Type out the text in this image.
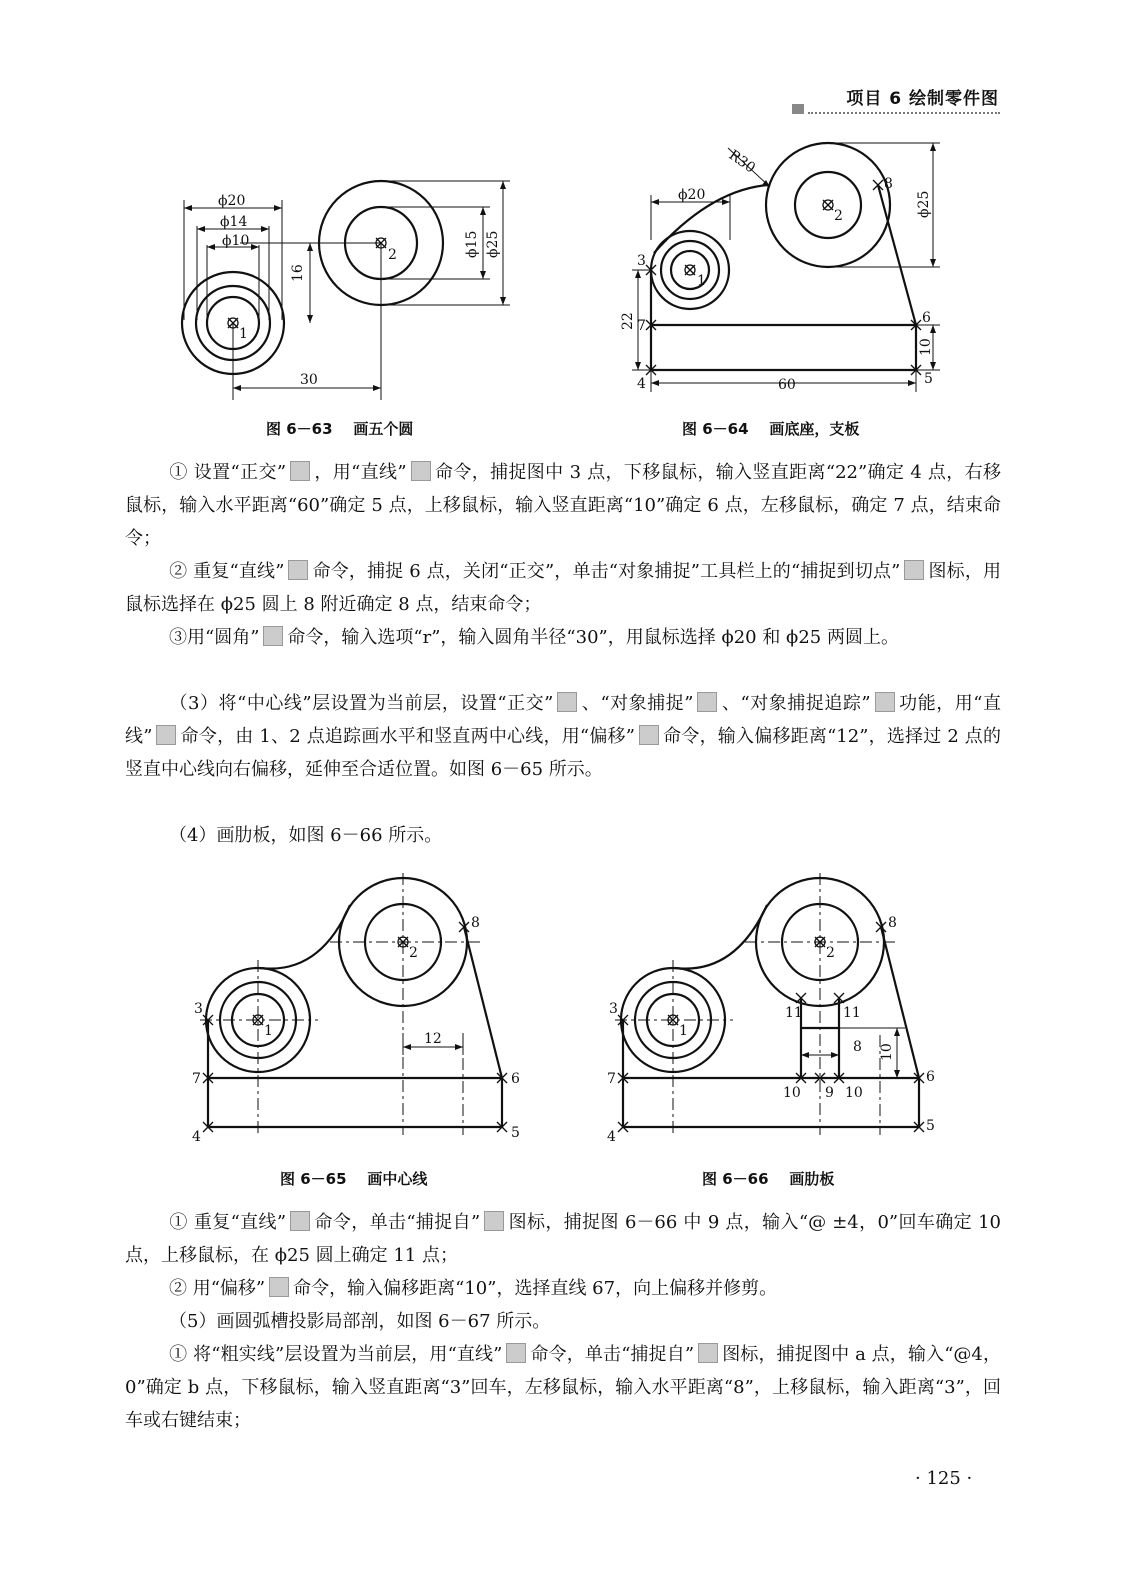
项目 6 绘制零件图
ϕ20
ϕ14
ϕ10
1
2
16
ϕ15 ϕ25
30
图 6－63    画五个圆
R30
ϕ20	ϕ25
22
10
60
1
2
3
4	5
6
7
8
图 6－64    画底座，支板
① 设置“正交” ，用“直线” 命令，捕捉图中 3 点，下移鼠标，输入竖直距离“22”确定 4 点，右移鼠标，输入水平距离“60”确定 5 点，上移鼠标，输入竖直距离“10”确定 6 点，左移鼠标，确定 7 点，结束命令；
② 重复“直线” 命令，捕捉 6 点，关闭“正交”，单击“对象捕捉”工具栏上的“捕捉到切点” 图标，用鼠标选择在 ϕ25 圆上 8 附近确定 8 点，结束命令；
③用“圆角” 命令，输入选项“r”，输入圆角半径“30”，用鼠标选择 ϕ20 和 ϕ25 两圆上。
（3）将“中心线”层设置为当前层，设置“正交” 、“对象捕捉” 、“对象捕捉追踪” 功能，用“直线” 命令，由 1、2 点追踪画水平和竖直两中心线，用“偏移” 命令，输入偏移距离“12”，选择过 2 点的竖直中心线向右偏移，延伸至合适位置。如图 6－65 所示。
（4）画肋板，如图 6－66 所示。
12
1
2
3
4	5
6
7
8
图 6－65    画中心线
8 10
1
2
3
4
5
6
7
8
9
10	10
11	11
图 6－66    画肋板
① 重复“直线” 命令，单击“捕捉自” 图标，捕捉图 6－66 中 9 点，输入“@ ±4，0”回车确定 10 点，上移鼠标，在 ϕ25 圆上确定 11 点；
② 用“偏移” 命令，输入偏移距离“10”，选择直线 67，向上偏移并修剪。
（5）画圆弧槽投影局部剖，如图 6－67 所示。
① 将“粗实线”层设置为当前层，用“直线” 命令，单击“捕捉自” 图标，捕捉图中 a 点，输入“@4，0”确定 b 点，下移鼠标，输入竖直距离“3”回车，左移鼠标，输入水平距离“8”，上移鼠标，输入距离“3”，回车或右键结束；
· 125 ·
